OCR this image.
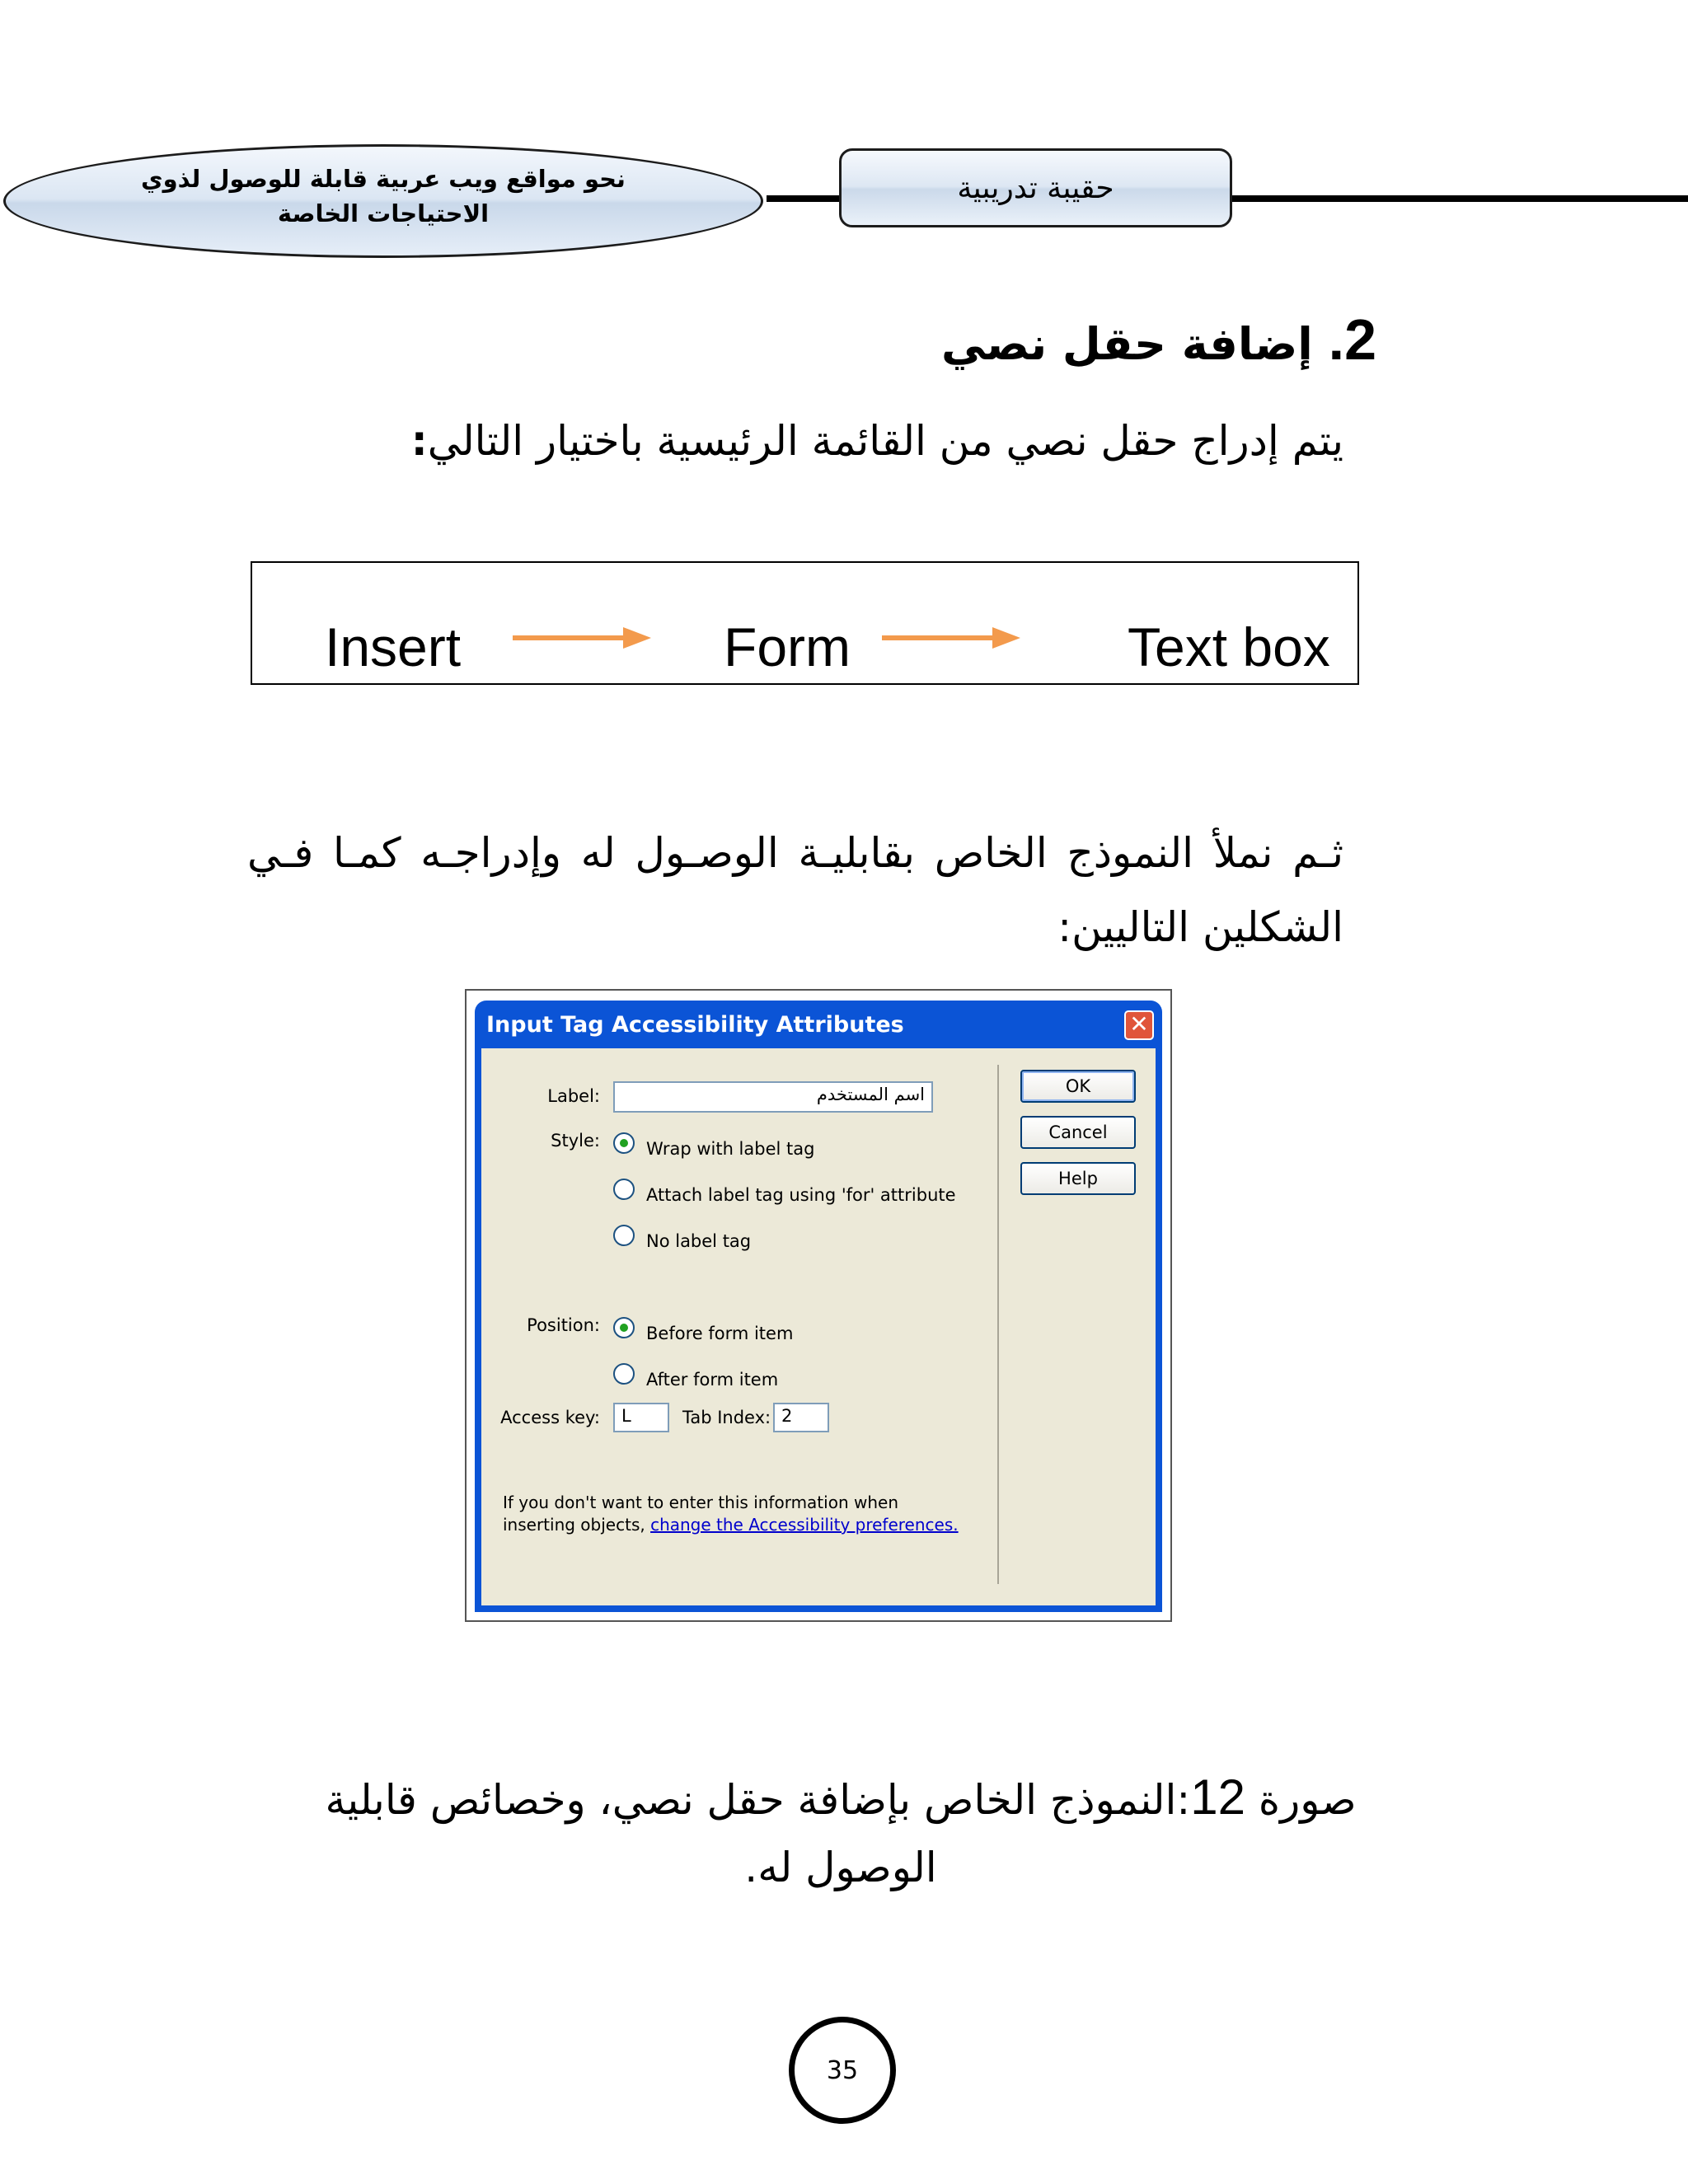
نحو مواقع ويب عربية قابلة للوصول لذوي
الاحتياجات الخاصة
حقيبة تدريبية
2. إضافة حقل نصي
يتم إدراج حقل نصي من القائمة الرئيسية باختيار التالي:
Insert	Form	Text box
ثـم نملأ النموذج الخاص بقابليـة الوصـول له وإدراجـه كمـا فـي الشكلين التاليين:
Input Tag Accessibility Attributes	✕
Label:	اسم المستخدم
Style:	Wrap with label tag
Attach label tag using 'for' attribute
No label tag
Position:	Before form item
After form item
Access key:	L	Tab Index: 2
OK
Cancel
Help
If you don't want to enter this information when
inserting objects, change the Accessibility preferences.
صورة 12:النموذج الخاص بإضافة حقل نصي، وخصائص قابلية الوصول له.
35
